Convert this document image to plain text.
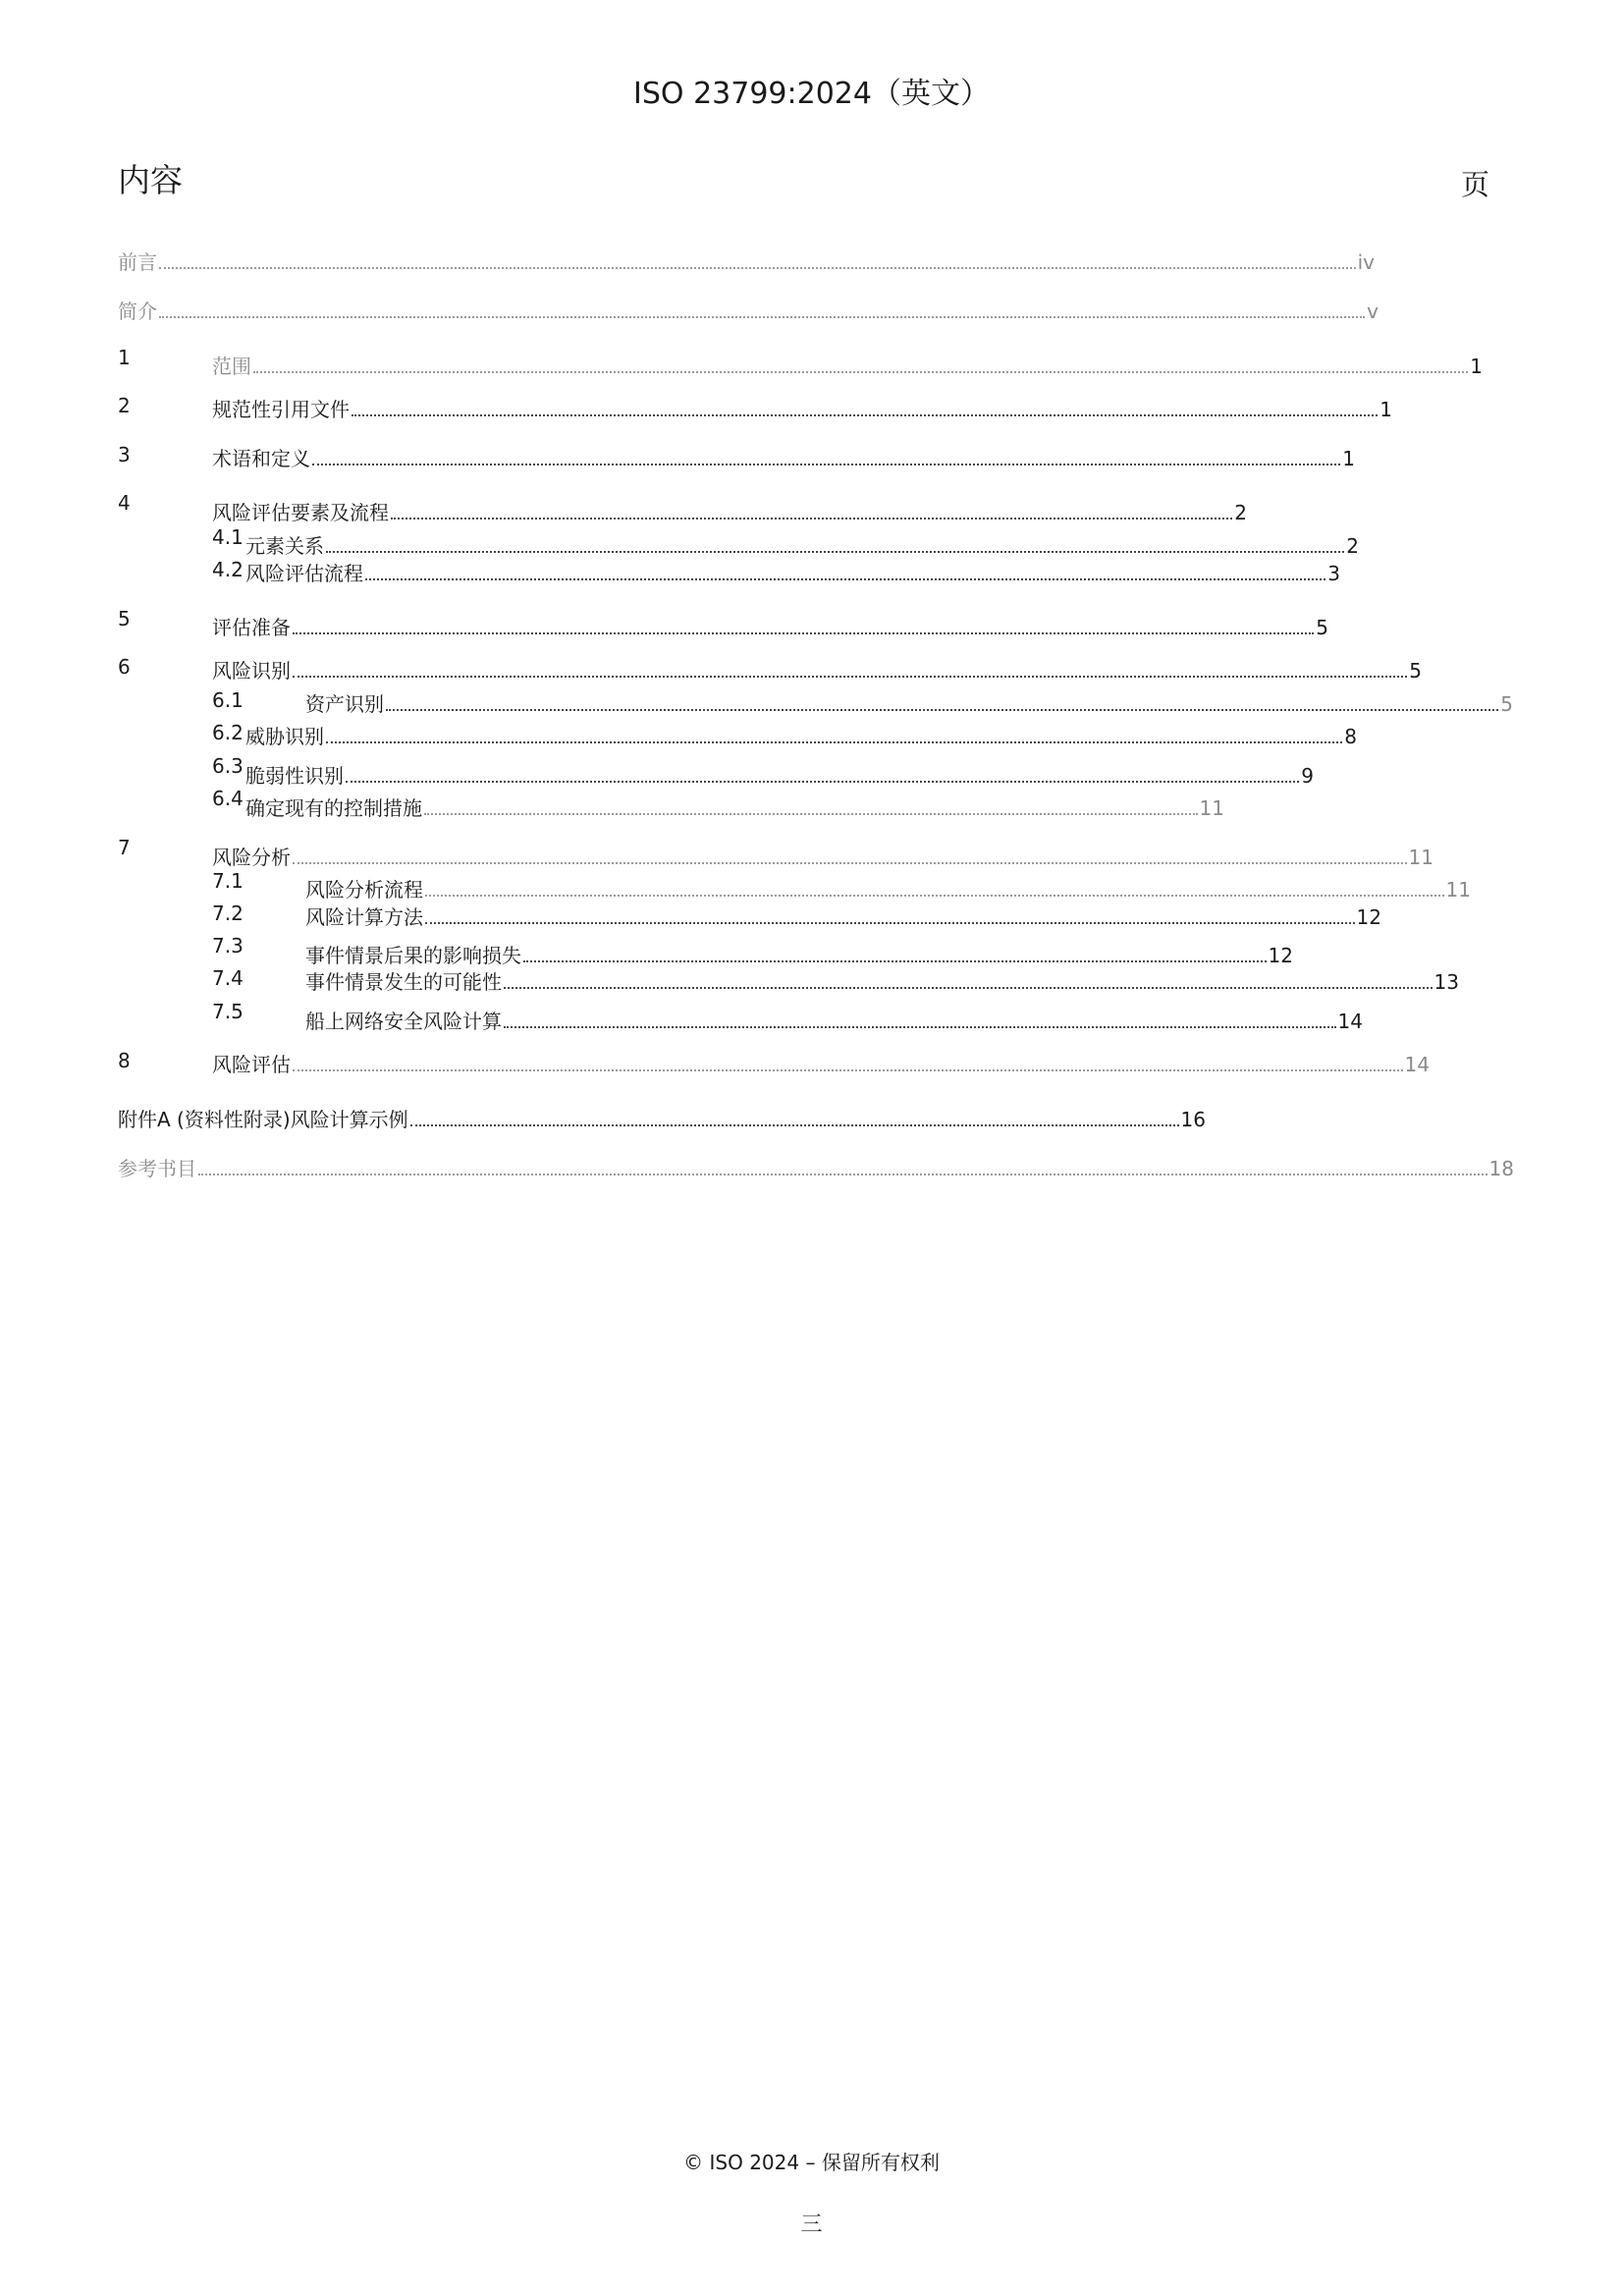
ISO 23799:2024（英文）
内容	页
前言	iv
简介	v
1	范围	1
2	规范性引用文件	1
3	术语和定义	1
4	风险评估要素及流程	2
4.1 元素关系	2
4.2 风险评估流程	3
5	评估准备	5
6	风险识别	5
6.1	资产识别	5
6.2 威胁识别	8
6.3 脆弱性识别	9
6.4 确定现有的控制措施	11
7	风险分析	11
7.1	风险分析流程	11
7.2	风险计算方法	12
7.3	事件情景后果的影响损失	12
7.4	事件情景发生的可能性	13
7.5	船上网络安全风险计算	14
8	风险评估	14
附件A (资料性附录)风险计算示例	16
参考书目	18
© ISO 2024 – 保留所有权利
三
